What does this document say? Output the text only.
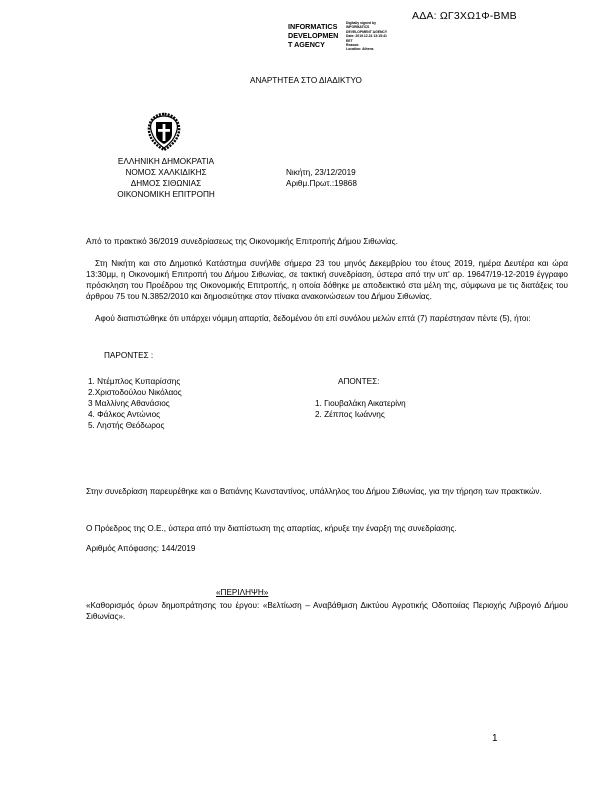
ΑΔΑ: ΩΓ3ΧΩ1Φ-ΒΜΒ
INFORMATICS
DEVELOPMEN
T AGENCY
Digitally signed by
INFORMATICS
DEVELOPMENT AGENCY
Date: 2019.12.24 13:15:41
EET
Reason:
Location: Athens
ΑΝΑΡΤΗΤΕΑ ΣΤΟ ΔΙΑΔΙΚΤΥΟ
ΕΛΛΗΝΙΚΗ ΔΗΜΟΚΡΑΤΙΑ
ΝΟΜΟΣ ΧΑΛΚΙΔΙΚΗΣ
ΔΗΜΟΣ ΣΙΘΩΝΙΑΣ
ΟΙΚΟΝΟΜΙΚΗ ΕΠΙΤΡΟΠΗ
Νικήτη, 23/12/2019
Αριθμ.Πρωτ.:19868
Από το πρακτικό 36/2019 συνεδρίασεως της Οικονομικής Επιτροπής Δήμου Σιθωνίας.
Στη Νικήτη και στο Δημοτικό Κατάστημα συνήλθε σήμερα 23 του μηνός Δεκεμβρίου του έτους 2019, ημέρα Δευτέρα και ώρα 13:30μμ, η Οικονομική Επιτροπή του Δήμου Σιθωνίας, σε τακτική συνεδρίαση, ύστερα από την υπ' αρ. 19647/19-12-2019 έγγραφο πρόσκληση του Προέδρου της Οικονομικής Επιτροπής, η οποία δόθηκε με αποδεικτικό στα μέλη της, σύμφωνα με τις διατάξεις του άρθρου 75 του Ν.3852/2010 και δημοσιεύτηκε στον πίνακα ανακοινώσεων του Δήμου Σιθωνίας.
Αφού διαπιστώθηκε ότι υπάρχει νόμιμη απαρτία, δεδομένου ότι επί συνόλου μελών επτά (7) παρέστησαν πέντε (5), ήτοι:
ΠΑΡΟΝΤΕΣ :
1. Ντέμπλος Κυπαρίσσης
2.Χριστοδούλου Νικόλαος
3 Μαλλίνης Αθανάσιος
4. Φάλκος Αντώνιος
5. Ληστής Θεόδωρος
ΑΠΟΝΤΕΣ:
1. Γιουβαλάκη Αικατερίνη
2. Ζέππος Ιωάννης
Στην συνεδρίαση παρευρέθηκε και ο Βατιάνης Κωνσταντίνος, υπάλληλος του Δήμου Σιθωνίας, για την τήρηση των πρακτικών.
Ο Πρόεδρος της Ο.Ε., ύστερα από την διαπίστωση της απαρτίας, κήρυξε την έναρξη της συνεδρίασης.
Αριθμός Απόφασης: 144/2019
«ΠΕΡΙΛΗΨΗ»
«Καθορισμός όρων δημοπράτησης του έργου: «Βελτίωση – Αναβάθμιση Δικτύου Αγροτικής Οδοποιίας Περιοχής Λιβρογιό Δήμου Σιθωνίας».
1
